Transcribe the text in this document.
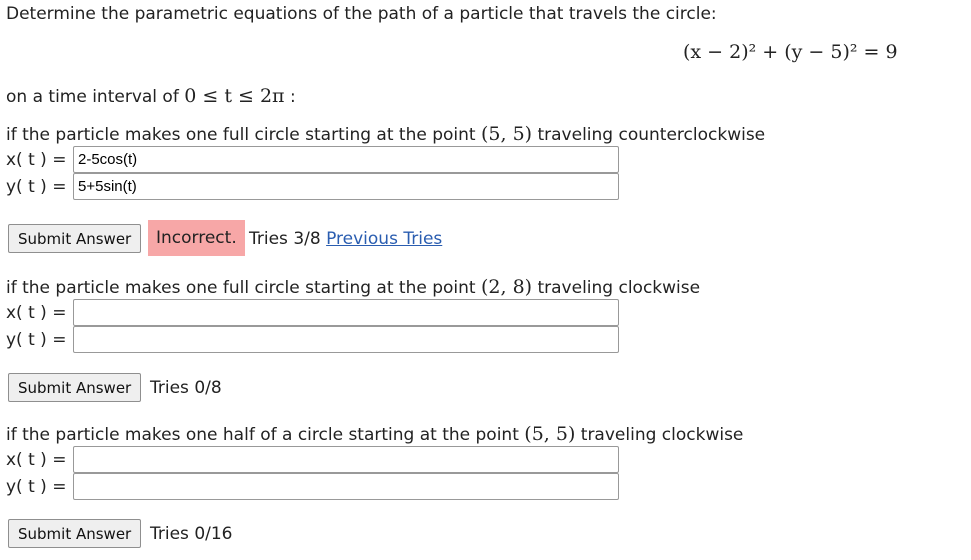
Determine the parametric equations of the path of a particle that travels the circle:
(x − 2)² + (y − 5)² = 9
on a time interval of 0 ≤ t ≤ 2π :
if the particle makes one full circle starting at the point (5, 5) traveling counterclockwise
x( t ) =
2-5cos(t)
y( t ) =
5+5sin(t)
Submit Answer	Incorrect. Tries 3/8 Previous Tries
if the particle makes one full circle starting at the point (2, 8) traveling clockwise
x( t ) =
y( t ) =
Submit Answer	Tries 0/8
if the particle makes one half of a circle starting at the point (5, 5) traveling clockwise
x( t ) =
y( t ) =
Submit Answer	Tries 0/16
